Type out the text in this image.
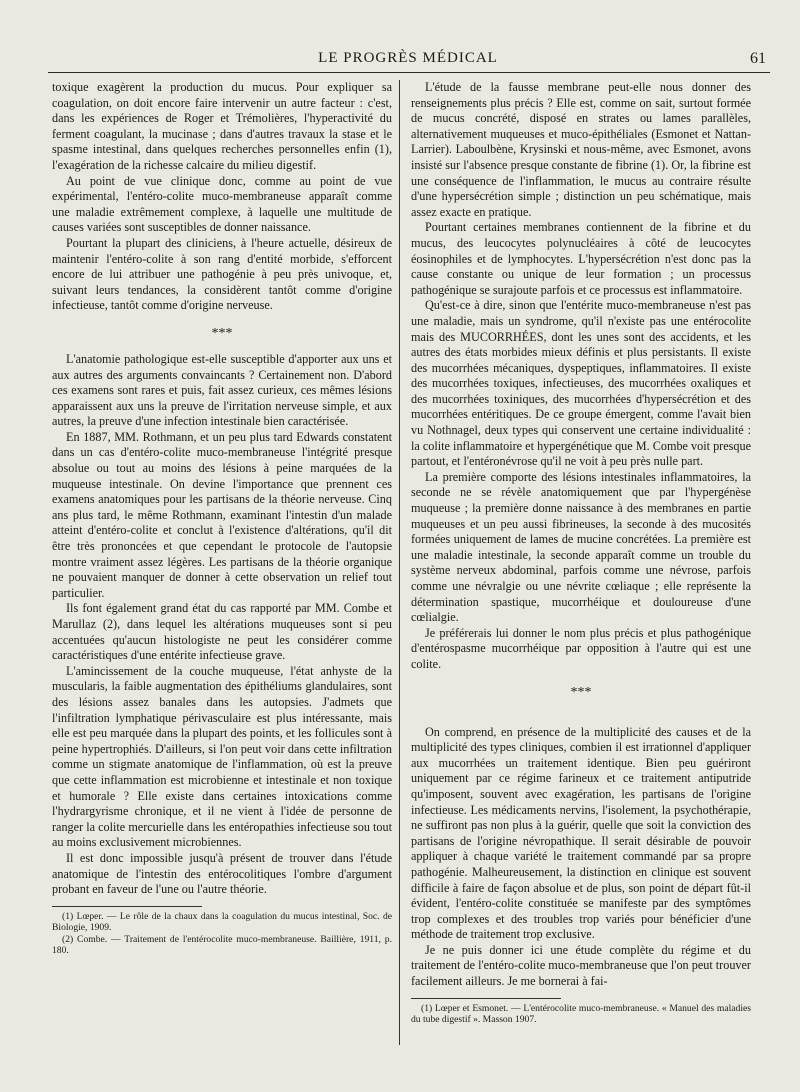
LE PROGRÈS MÉDICAL	61

toxique exagèrent la production du mucus. Pour expliquer sa coagulation, on doit encore faire intervenir un autre facteur : c'est, dans les expériences de Roger et Trémolières, l'hyperactivité du ferment coagulant, la mucinase ; dans d'autres travaux la stase et le spasme intestinal, dans quelques recherches personnelles enfin (1), l'exagération de la richesse calcaire du milieu digestif.

Au point de vue clinique donc, comme au point de vue expérimental, l'entéro-colite muco-membraneuse apparaît comme une maladie extrêmement complexe, à laquelle une multitude de causes variées sont susceptibles de donner naissance.

Pourtant la plupart des cliniciens, à l'heure actuelle, désireux de maintenir l'entéro-colite à son rang d'entité morbide, s'efforcent encore de lui attribuer une pathogénie à peu près univoque, et, suivant leurs tendances, la considèrent tantôt comme d'origine infectieuse, tantôt comme d'origine nerveuse.

***

L'anatomie pathologique est-elle susceptible d'apporter aux uns et aux autres des arguments convaincants ? Certainement non. D'abord ces examens sont rares et puis, fait assez curieux, ces mêmes lésions apparaissent aux uns la preuve de l'irritation nerveuse simple, et aux autres, la preuve d'une infection intestinale bien caractérisée.

En 1887, MM. Rothmann, et un peu plus tard Edwards constatent dans un cas d'entéro-colite muco-membraneuse l'intégrité presque absolue ou tout au moins des lésions à peine marquées de la muqueuse intestinale. On devine l'importance que prennent ces examens anatomiques pour les partisans de la théorie nerveuse. Cinq ans plus tard, le même Rothmann, examinant l'intestin d'un malade atteint d'entéro-colite et conclut à l'existence d'altérations, qu'il dit être très prononcées et que cependant le protocole de l'autopsie montre vraiment assez légères. Les partisans de la théorie organique ne pouvaient manquer de donner à cette observation un relief tout particulier.

Ils font également grand état du cas rapporté par MM. Combe et Marullaz (2), dans lequel les altérations muqueuses sont si peu accentuées qu'aucun histologiste ne peut les considérer comme caractéristiques d'une entérite infectieuse grave.

L'amincissement de la couche muqueuse, l'état anhyste de la muscularis, la faible augmentation des épithéliums glandulaires, sont des lésions assez banales dans les autopsies. J'admets que l'infiltration lymphatique périvasculaire est plus intéressante, mais elle est peu marquée dans la plupart des points, et les follicules sont à peine hypertrophiés. D'ailleurs, si l'on peut voir dans cette infiltration comme un stigmate anatomique de l'inflammation, où est la preuve que cette inflammation est microbienne et intestinale et non toxique et humorale ? Elle existe dans certaines intoxications comme l'hydrargyrisme chronique, et il ne vient à l'idée de personne de ranger la colite mercurielle dans les entéropathies infectieuse sou tout au moins exclusivement microbiennes.

Il est donc impossible jusqu'à présent de trouver dans l'étude anatomique de l'intestin des entérocolitiques l'ombre d'argument probant en faveur de l'une ou l'autre théorie.

(1) Lœper. — Le rôle de la chaux dans la coagulation du mucus intestinal, Soc. de Biologie, 1909.
(2) Combe. — Traitement de l'entérocolite muco-membraneuse. Baillière, 1911, p. 180.

L'étude de la fausse membrane peut-elle nous donner des renseignements plus précis ? Elle est, comme on sait, surtout formée de mucus concrété, disposé en strates ou lames parallèles, alternativement muqueuses et muco-épithéliales (Esmonet et Nattan-Larrier). Laboulbène, Krysinski et nous-même, avec Esmonet, avons insisté sur l'absence presque constante de fibrine (1). Or, la fibrine est une conséquence de l'inflammation, le mucus au contraire résulte d'une hypersécrétion simple ; distinction un peu schématique, mais assez exacte en pratique.

Pourtant certaines membranes contiennent de la fibrine et du mucus, des leucocytes polynucléaires à côté de leucocytes éosinophiles et de lymphocytes. L'hypersécrétion n'est donc pas la cause constante ou unique de leur formation ; un processus pathogénique se surajoute parfois et ce processus est inflammatoire.

Qu'est-ce à dire, sinon que l'entérite muco-membraneuse n'est pas une maladie, mais un syndrome, qu'il n'existe pas une entérocolite mais des MUCORRHÉES, dont les unes sont des accidents, et les autres des états morbides mieux définis et plus persistants. Il existe des mucorrhées mécaniques, dyspeptiques, inflammatoires. Il existe des mucorrhées toxiques, infectieuses, des mucorrhées oxaliques et des mucorrhées toxiniques, des mucorrhées d'hypersécrétion et des mucorrhées entéritiques. De ce groupe émergent, comme l'avait bien vu Nothnagel, deux types qui conservent une certaine individualité : la colite inflammatoire et hypergénétique que M. Combe voit presque partout, et l'entéronévrose qu'il ne voit à peu près nulle part.

La première comporte des lésions intestinales inflammatoires, la seconde ne se révèle anatomiquement que par l'hypergénèse muqueuse ; la première donne naissance à des membranes en partie muqueuses et un peu aussi fibrineuses, la seconde à des mucosités formées uniquement de lames de mucine concrétées. La première est une maladie intestinale, la seconde apparaît comme un trouble du système nerveux abdominal, parfois comme une névrose, parfois comme une névralgie ou une névrite cœliaque ; elle représente la détermination spastique, mucorrhéique et douloureuse d'une cœlialgie.

Je préférerais lui donner le nom plus précis et plus pathogénique d'entérospasme mucorrhéique par opposition à l'autre qui est une colite.

***

On comprend, en présence de la multiplicité des causes et de la multiplicité des types cliniques, combien il est irrationnel d'appliquer aux mucorrhées un traitement identique. Bien peu guériront uniquement par ce régime farineux et ce traitement antiputride qu'imposent, souvent avec exagération, les partisans de l'origine infectieuse. Les médicaments nervins, l'isolement, la psychothérapie, ne suffiront pas non plus à la guérir, quelle que soit la conviction des partisans de l'origine névropathique. Il serait désirable de pouvoir appliquer à chaque variété le traitement commandé par sa propre pathogénie. Malheureusement, la distinction en clinique est souvent difficile à faire de façon absolue et de plus, son point de départ fût-il évident, l'entéro-colite constituée se manifeste par des symptômes trop complexes et des troubles trop variés pour bénéficier d'une méthode de traitement trop exclusive.

Je ne puis donner ici une étude complète du régime et du traitement de l'entéro-colite muco-membraneuse que l'on peut trouver facilement ailleurs. Je me bornerai à fai-

(1) Lœper et Esmonet. — L'entérocolite muco-membraneuse. « Manuel des maladies du tube digestif ». Masson 1907.
